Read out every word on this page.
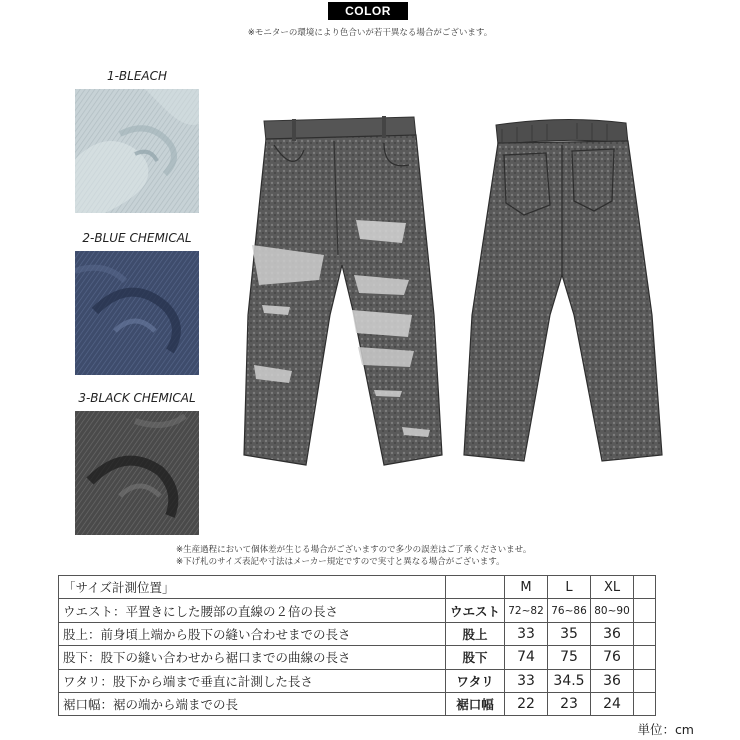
COLOR
※モニターの環境により色合いが若干異なる場合がございます。
1-BLEACH
2-BLUE CHEMICAL
3-BLACK CHEMICAL
※生産過程において個体差が生じる場合がございますので多少の誤差はご了承くださいませ。
※下げ札のサイズ表記や寸法はメーカー規定ですので実寸と異なる場合がございます。
「サイズ計測位置」		M	L	XL	
ウエスト：平置きにした腰部の直線の２倍の長さ	ウエスト	72~82	76~86	80~90	
股上：前身頃上端から股下の縫い合わせまでの長さ	股上	33	35	36	
股下：股下の縫い合わせから裾口までの曲線の長さ	股下	74	75	76	
ワタリ：股下から端まで垂直に計測した長さ	ワタリ	33	34.5	36	
裾口幅：裾の端から端までの長	裾口幅	22	23	24	
単位：cm
